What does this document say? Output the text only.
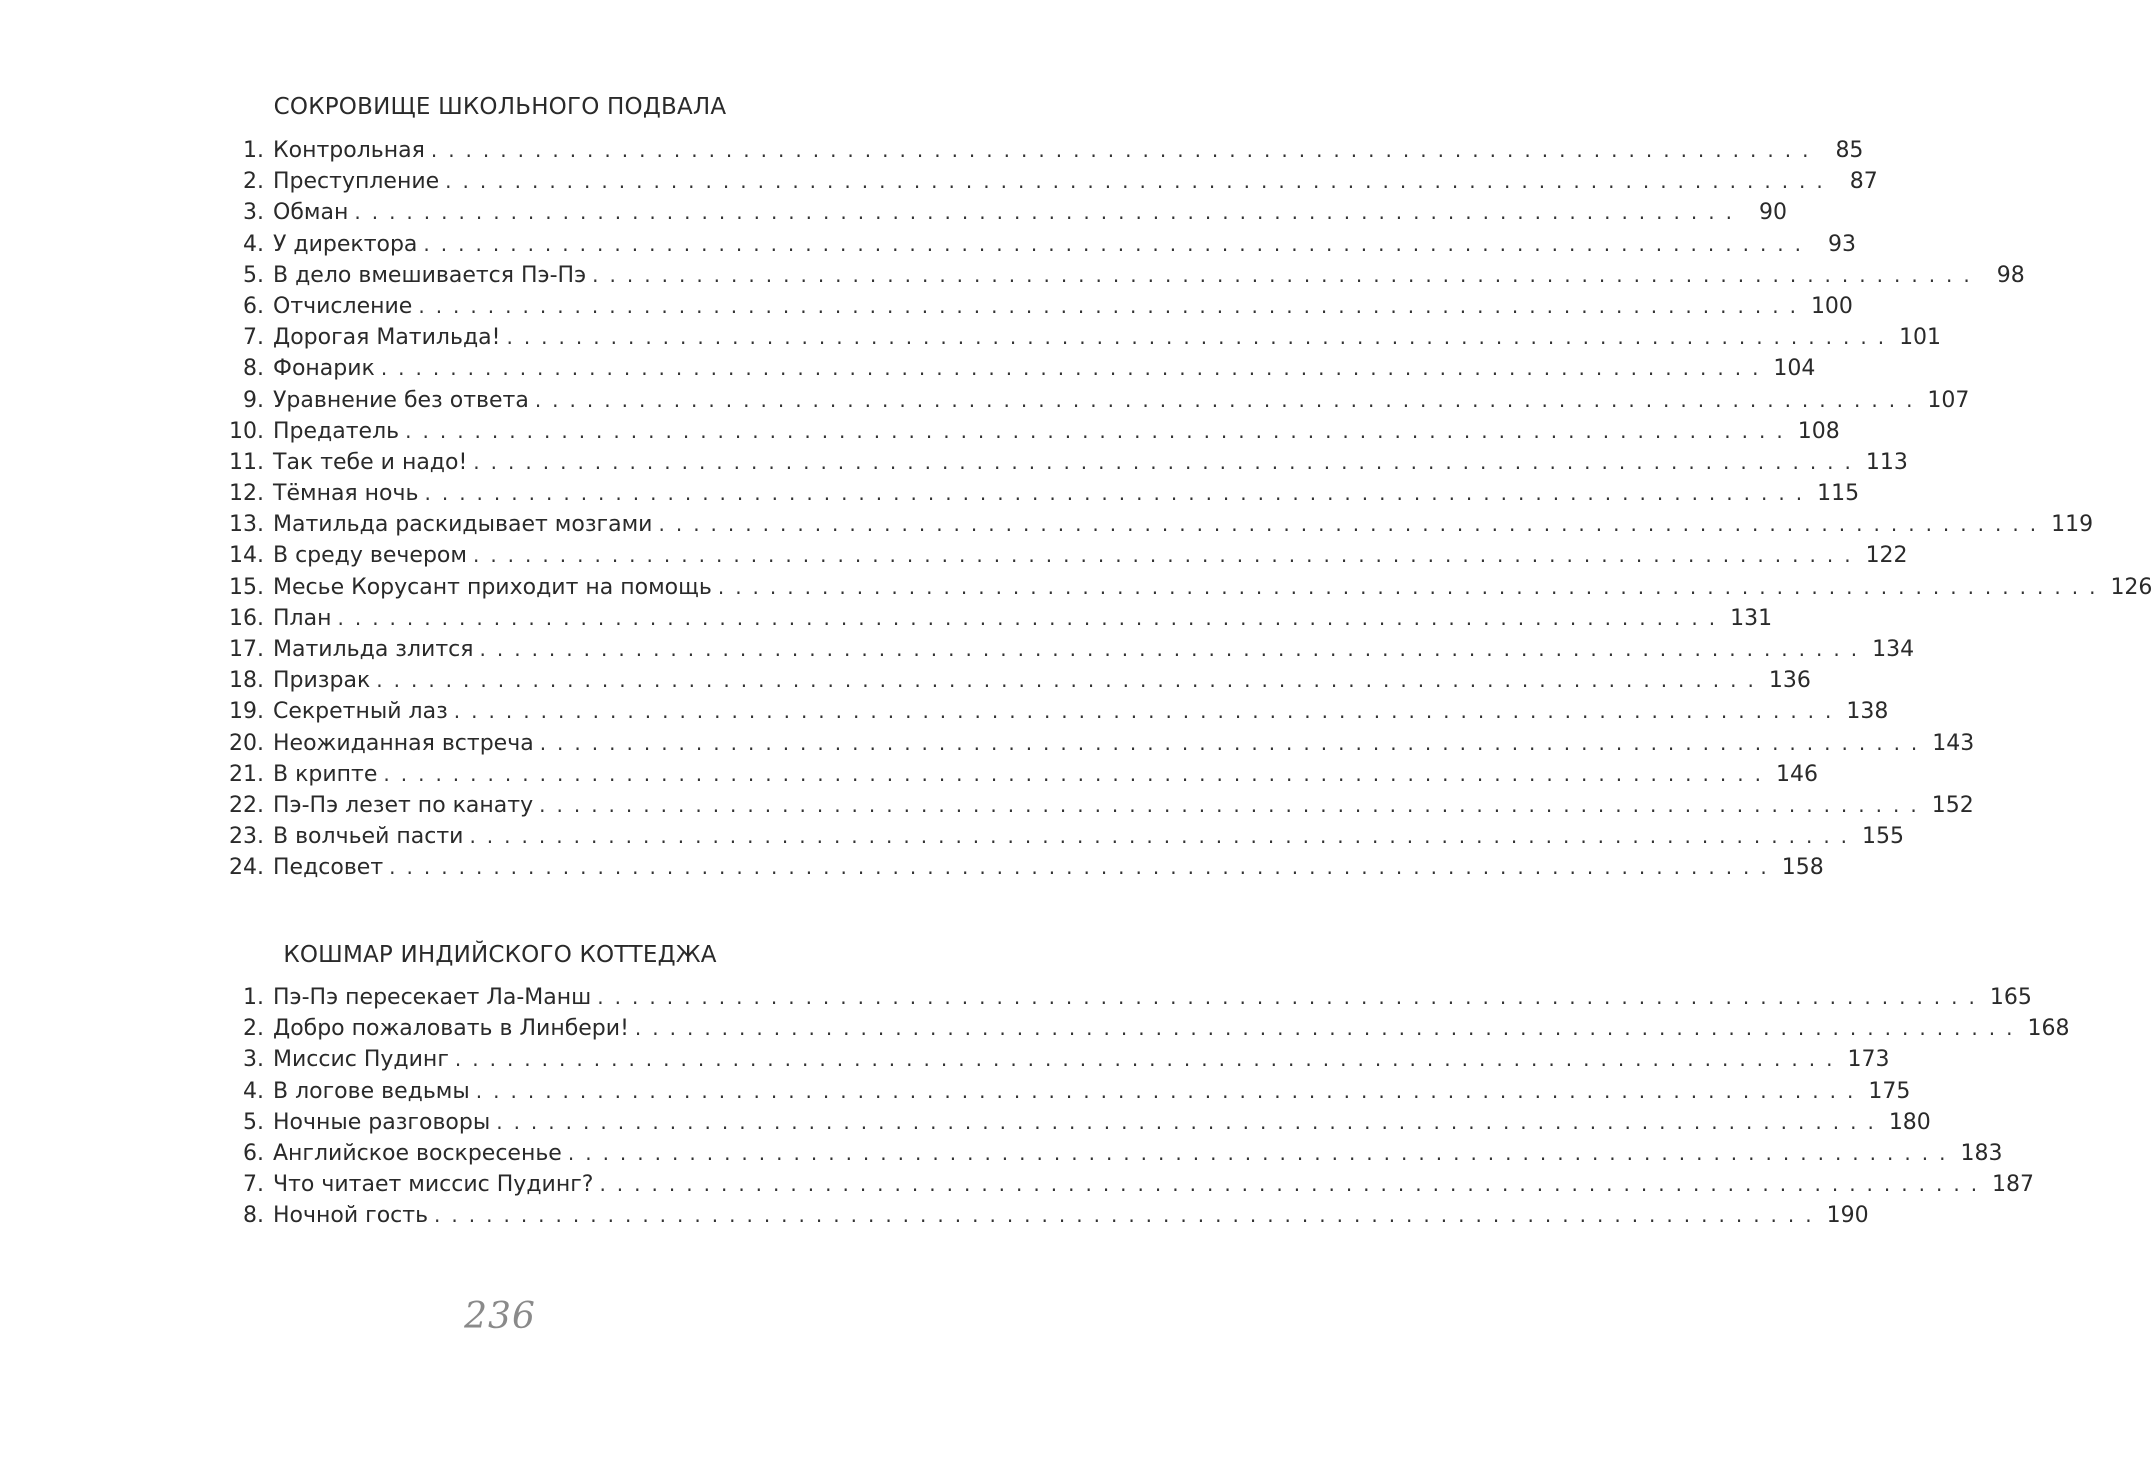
СОКРОВИЩЕ ШКОЛЬНОГО ПОДВАЛА
1. Контрольная ................................................................................ 85
2. Преступление ................................................................................ 87
3. Обман ................................................................................ 90
4. У директора ................................................................................ 93
5. В дело вмешивается Пэ-Пэ ................................................................................ 98
6. Отчисление ................................................................................ 100
7. Дорогая Матильда! ................................................................................ 101
8. Фонарик ................................................................................ 104
9. Уравнение без ответа ................................................................................ 107
10. Предатель ................................................................................ 108
11. Так тебе и надо! ................................................................................ 113
12. Тёмная ночь ................................................................................ 115
13. Матильда раскидывает мозгами ................................................................................ 119
14. В среду вечером ................................................................................ 122
15. Месье Корусант приходит на помощь ................................................................................ 126
16. План ................................................................................ 131
17. Матильда злится ................................................................................ 134
18. Призрак ................................................................................ 136
19. Секретный лаз ................................................................................ 138
20. Неожиданная встреча ................................................................................ 143
21. В крипте ................................................................................ 146
22. Пэ-Пэ лезет по канату ................................................................................ 152
23. В волчьей пасти ................................................................................ 155
24. Педсовет ................................................................................ 158
КОШМАР ИНДИЙСКОГО КОТТЕДЖА
1. Пэ-Пэ пересекает Ла-Манш ................................................................................ 165
2. Добро пожаловать в Линбери! ................................................................................ 168
3. Миссис Пудинг ................................................................................ 173
4. В логове ведьмы ................................................................................ 175
5. Ночные разговоры ................................................................................ 180
6. Английское воскресенье ................................................................................ 183
7. Что читает миссис Пудинг? ................................................................................ 187
8. Ночной гость ................................................................................ 190
236
